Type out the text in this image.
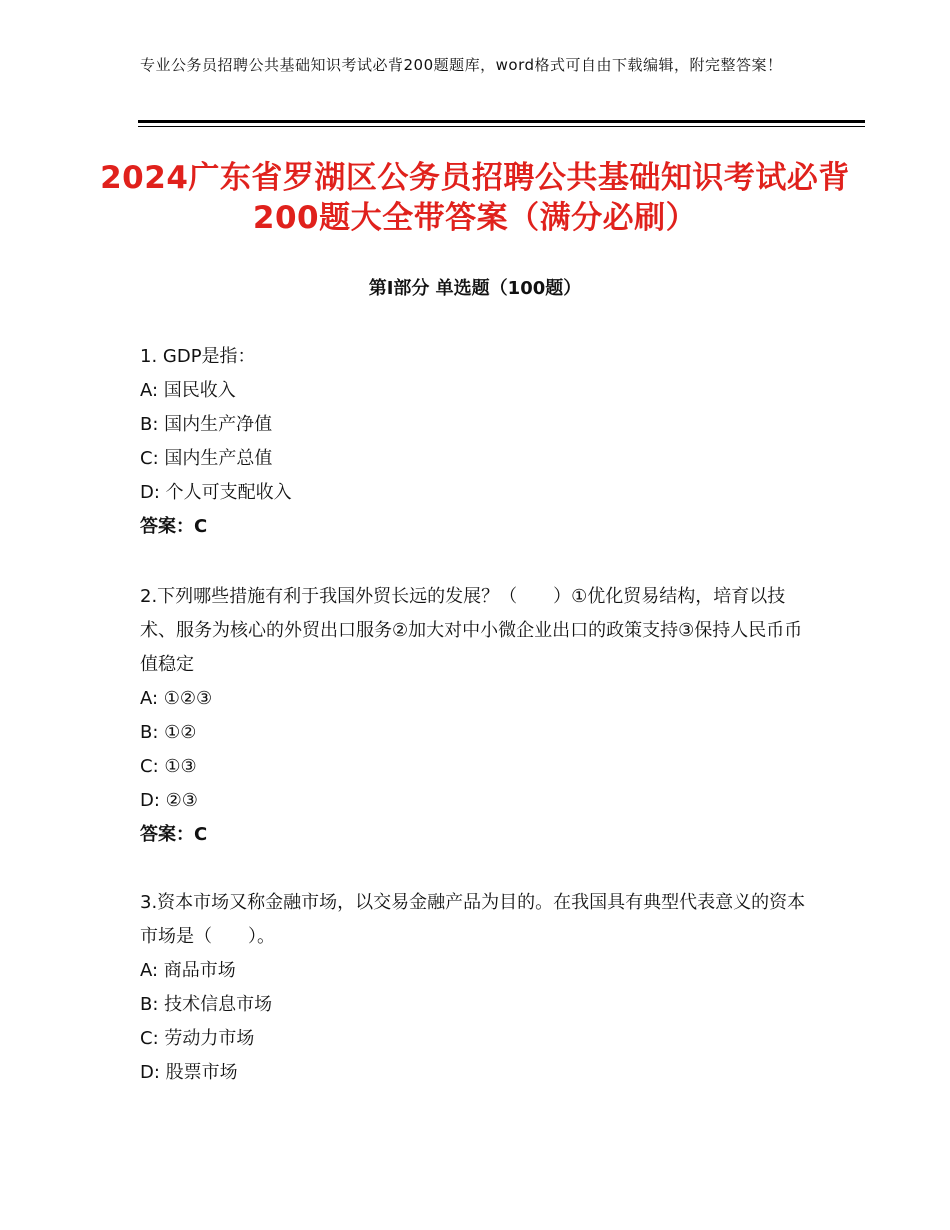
专业公务员招聘公共基础知识考试必背200题题库，word格式可自由下载编辑，附完整答案！
2024广东省罗湖区公务员招聘公共基础知识考试必背200题大全带答案（满分必刷）
第Ⅰ部分 单选题（100题）
1. GDP是指：
A: 国民收入
B: 国内生产净值
C: 国内生产总值
D: 个人可支配收入
答案：C
2.下列哪些措施有利于我国外贸长远的发展？（　　）①优化贸易结构，培育以技术、服务为核心的外贸出口服务②加大对中小微企业出口的政策支持③保持人民币币值稳定
A: ①②③
B: ①②
C: ①③
D: ②③
答案：C
3.资本市场又称金融市场，以交易金融产品为目的。在我国具有典型代表意义的资本市场是（　　）。
A: 商品市场
B: 技术信息市场
C: 劳动力市场
D: 股票市场
